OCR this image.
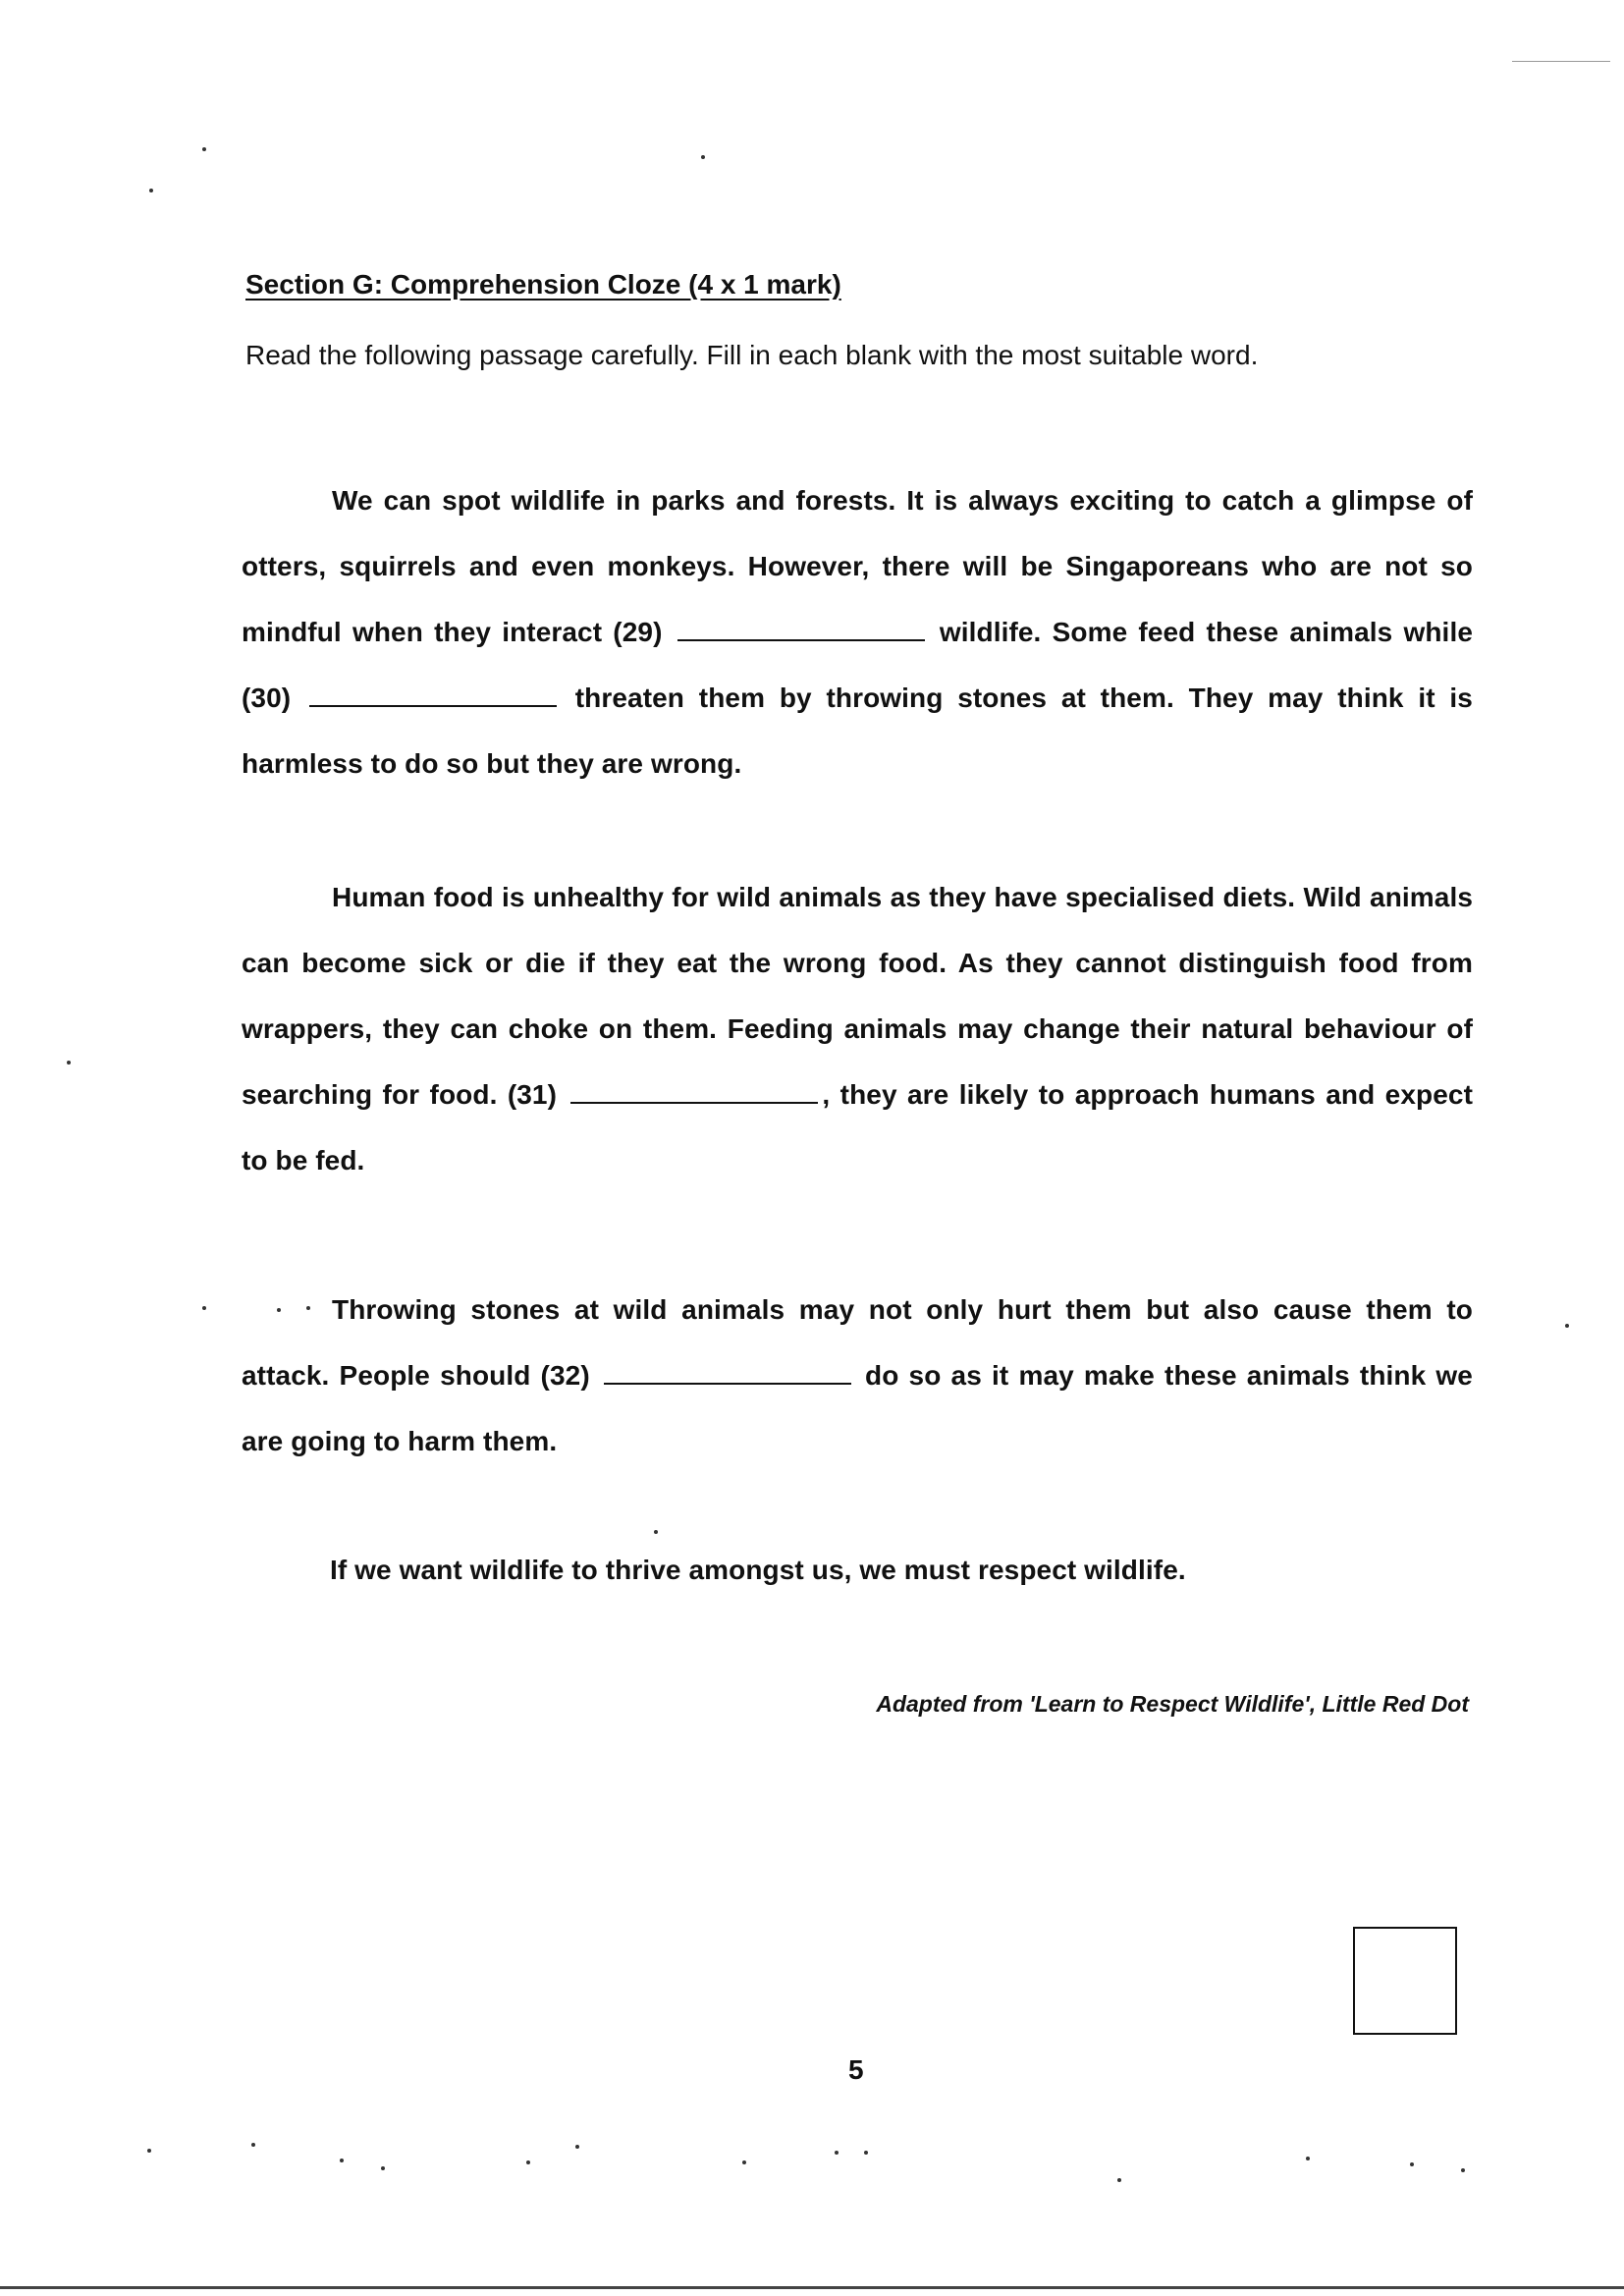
Section G: Comprehension Cloze (4 x 1 mark)
Read the following passage carefully. Fill in each blank with the most suitable word.
We can spot wildlife in parks and forests. It is always exciting to catch a glimpse of otters, squirrels and even monkeys. However, there will be Singaporeans who are not so mindful when they interact (29)	wildlife. Some feed these animals while (30)	threaten them by throwing stones at them. They may think it is harmless to do so but they are wrong.
Human food is unhealthy for wild animals as they have specialised diets. Wild animals can become sick or die if they eat the wrong food. As they cannot distinguish food from wrappers, they can choke on them. Feeding animals may change their natural behaviour of searching for food. (31)	, they are likely to approach humans and expect to be fed.
Throwing stones at wild animals may not only hurt them but also cause them to attack. People should (32)	do so as it may make these animals think we are going to harm them.
If we want wildlife to thrive amongst us, we must respect wildlife.
Adapted from 'Learn to Respect Wildlife', Little Red Dot
5
